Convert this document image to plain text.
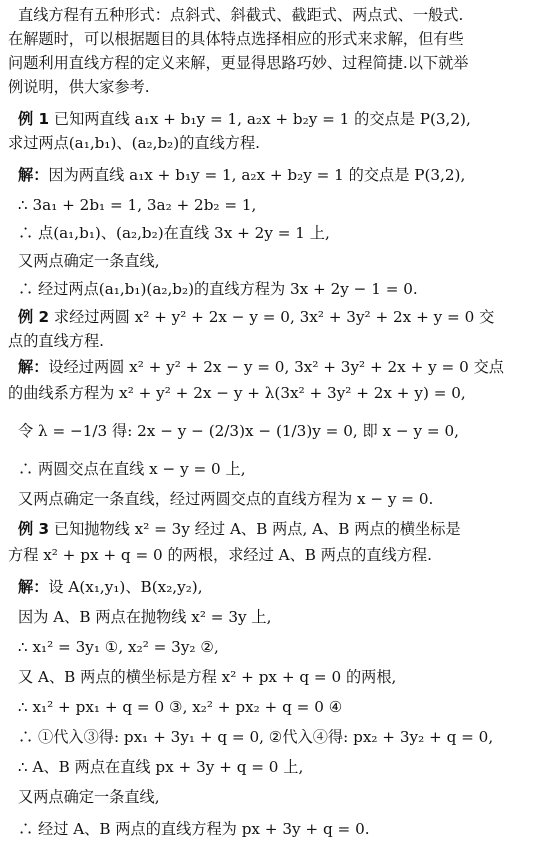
直线方程有五种形式：点斜式、斜截式、截距式、两点式、一般式.
在解题时，可以根据题目的具体特点选择相应的形式来求解，但有些
问题利用直线方程的定义来解，更显得思路巧妙、过程简捷.以下就举
例说明，供大家参考.
例 1 已知两直线 a₁x + b₁y = 1, a₂x + b₂y = 1 的交点是 P(3,2),
求过两点(a₁,b₁)、(a₂,b₂)的直线方程.
解：因为两直线 a₁x + b₁y = 1, a₂x + b₂y = 1 的交点是 P(3,2),
∴ 3a₁ + 2b₁ = 1, 3a₂ + 2b₂ = 1,
∴ 点(a₁,b₁)、(a₂,b₂)在直线 3x + 2y = 1 上,
又两点确定一条直线,
∴ 经过两点(a₁,b₁)(a₂,b₂)的直线方程为 3x + 2y − 1 = 0.
例 2 求经过两圆 x² + y² + 2x − y = 0, 3x² + 3y² + 2x + y = 0 交
点的直线方程.
解：设经过两圆 x² + y² + 2x − y = 0, 3x² + 3y² + 2x + y = 0 交点
的曲线系方程为 x² + y² + 2x − y + λ(3x² + 3y² + 2x + y) = 0,
令 λ = −1/3 得: 2x − y − (2/3)x − (1/3)y = 0, 即 x − y = 0,
∴ 两圆交点在直线 x − y = 0 上,
又两点确定一条直线，经过两圆交点的直线方程为 x − y = 0.
例 3 已知抛物线 x² = 3y 经过 A、B 两点, A、B 两点的横坐标是
方程 x² + px + q = 0 的两根，求经过 A、B 两点的直线方程.
解：设 A(x₁,y₁)、B(x₂,y₂),
因为 A、B 两点在抛物线 x² = 3y 上,
∴ x₁² = 3y₁ ①, x₂² = 3y₂ ②,
又 A、B 两点的横坐标是方程 x² + px + q = 0 的两根,
∴ x₁² + px₁ + q = 0 ③, x₂² + px₂ + q = 0 ④
∴ ①代入③得: px₁ + 3y₁ + q = 0, ②代入④得: px₂ + 3y₂ + q = 0,
∴ A、B 两点在直线 px + 3y + q = 0 上,
又两点确定一条直线,
∴ 经过 A、B 两点的直线方程为 px + 3y + q = 0.
